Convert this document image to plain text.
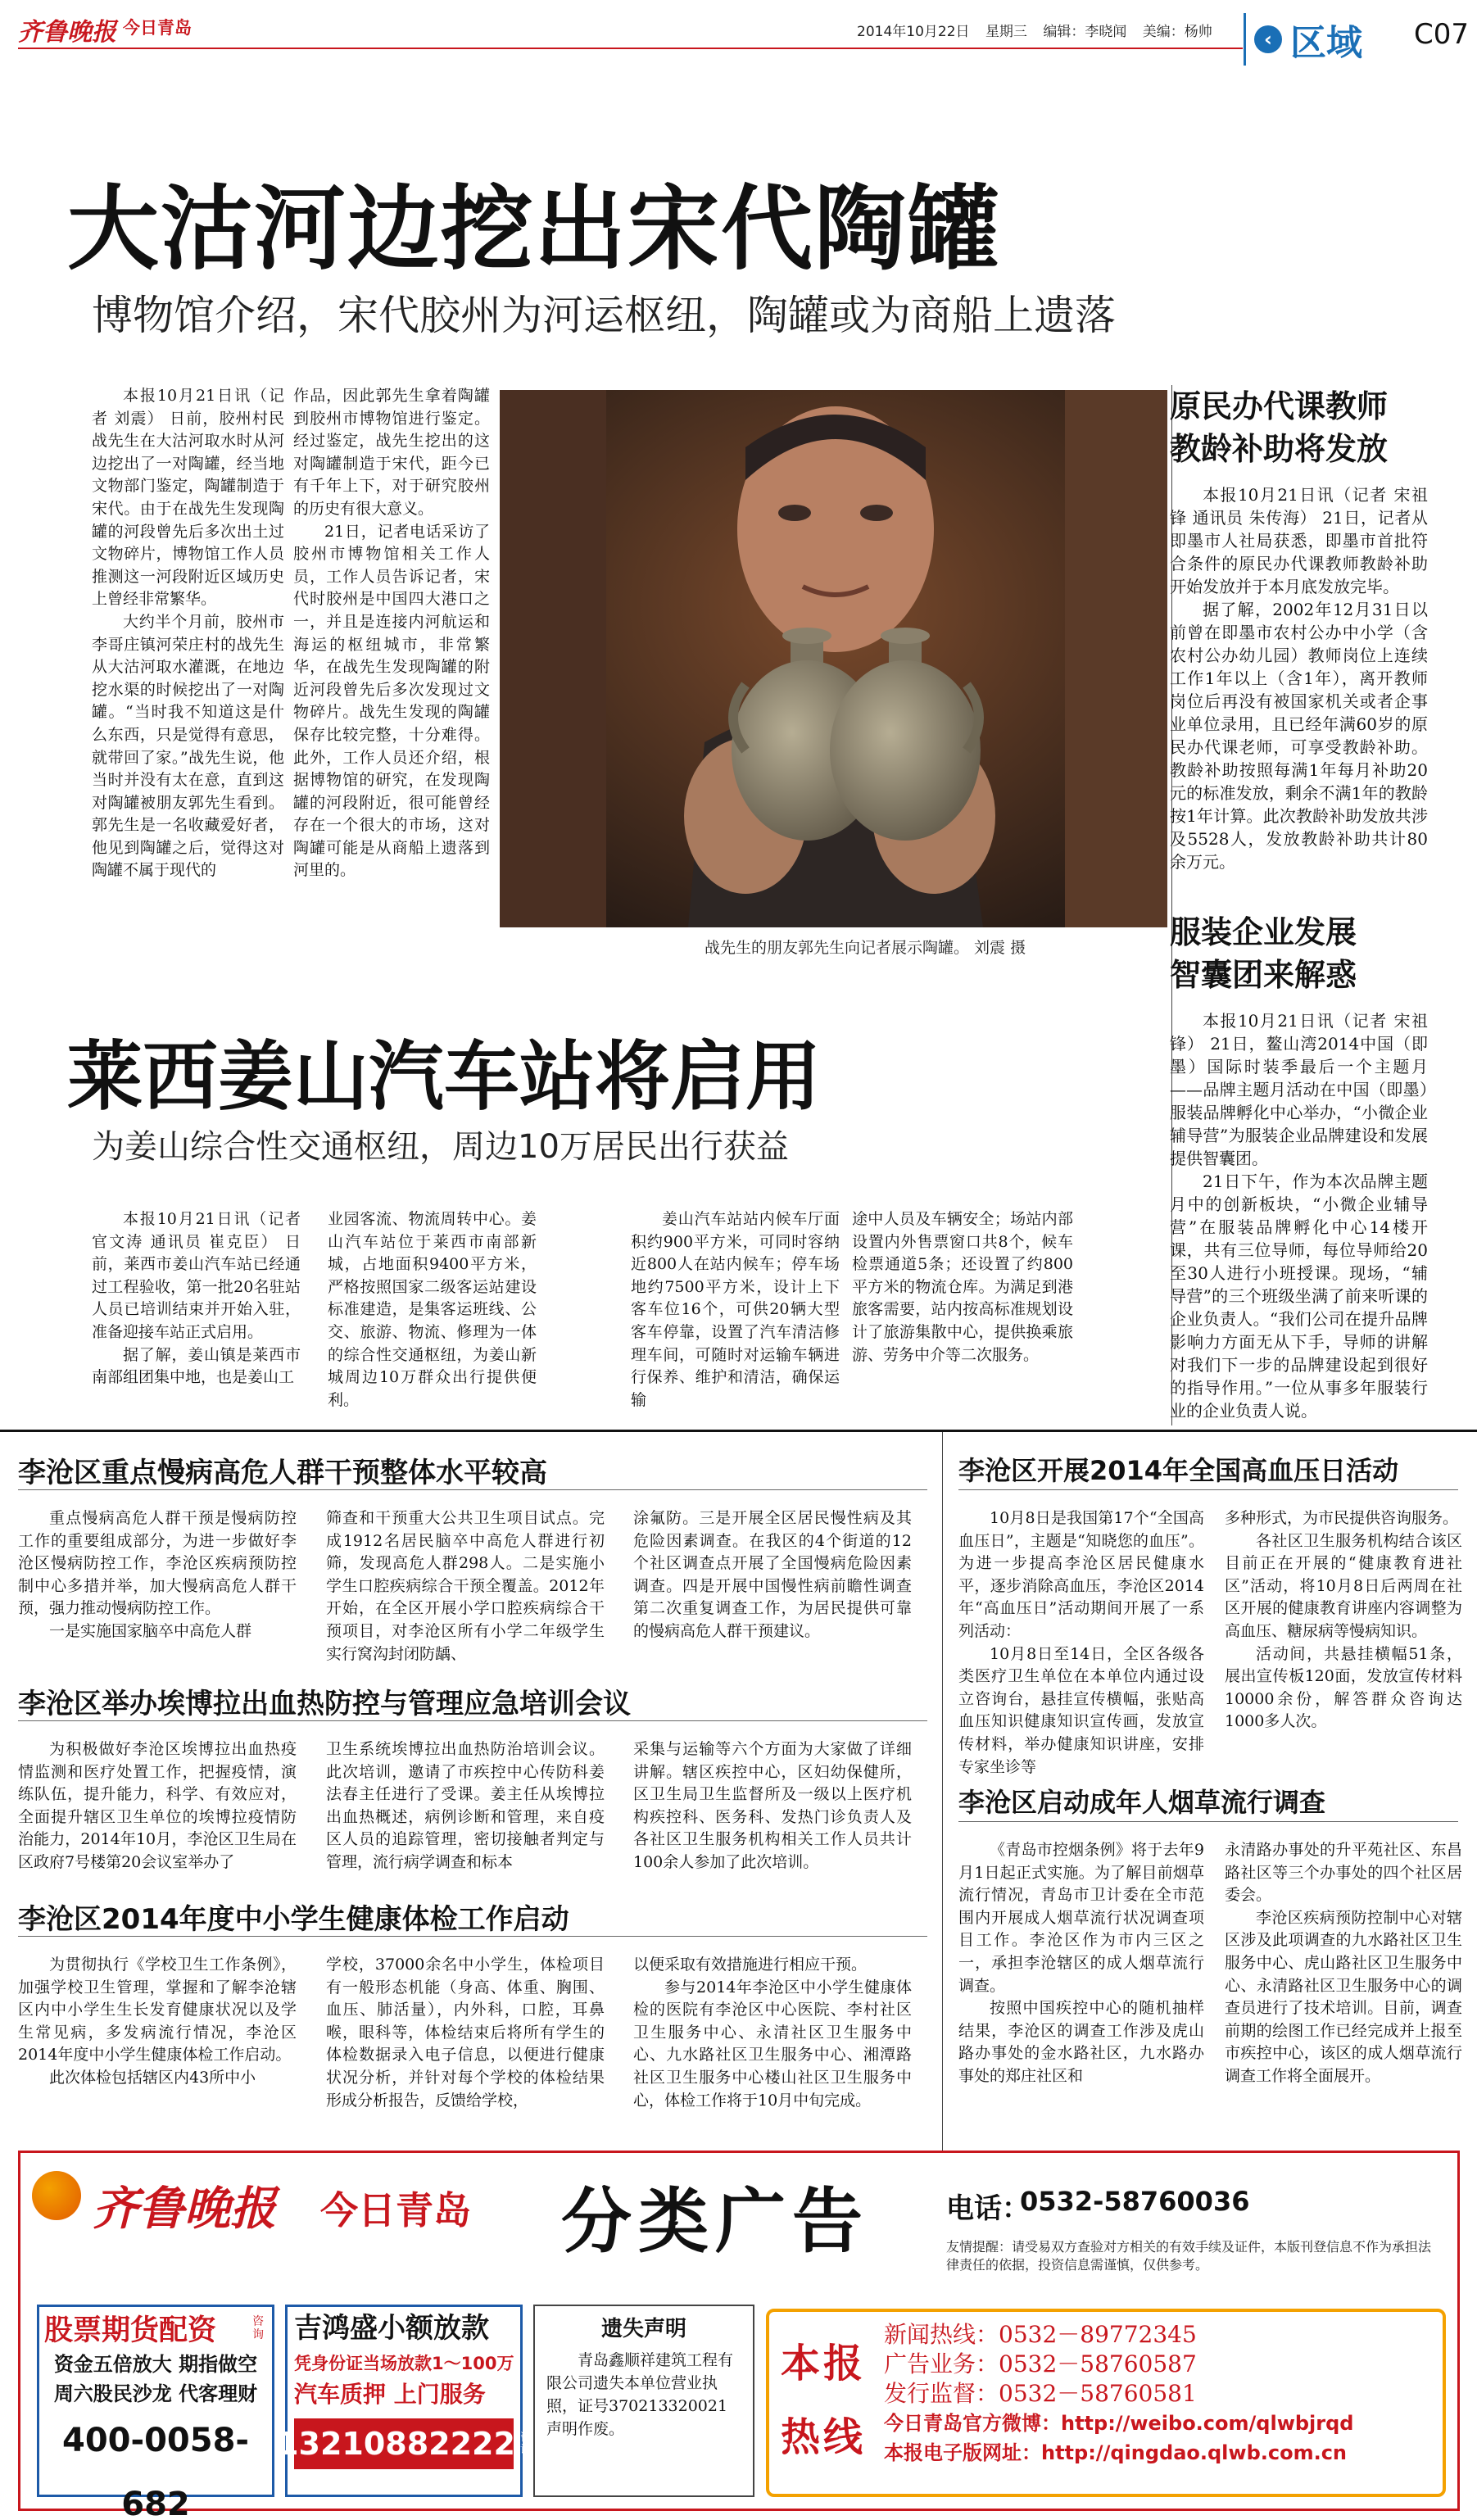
齐鲁晚报 今日青岛	2014年10月22日 星期三 编辑：李晓闻 美编：杨帅	‹ 区域 C07
大沽河边挖出宋代陶罐
博物馆介绍，宋代胶州为河运枢纽，陶罐或为商船上遗落

本报10月21日讯（记者 刘震） 日前，胶州村民战先生在大沽河取水时从河边挖出了一对陶罐，经当地文物部门鉴定，陶罐制造于宋代。由于在战先生发现陶罐的河段曾先后多次出土过文物碎片，博物馆工作人员推测这一河段附近区域历史上曾经非常繁华。

大约半个月前，胶州市李哥庄镇河荣庄村的战先生从大沽河取水灌溉，在地边挖水渠的时候挖出了一对陶罐。“当时我不知道这是什么东西，只是觉得有意思，就带回了家。”战先生说，他当时并没有太在意，直到这对陶罐被朋友郭先生看到。郭先生是一名收藏爱好者，他见到陶罐之后，觉得这对陶罐不属于现代的

作品，因此郭先生拿着陶罐到胶州市博物馆进行鉴定。经过鉴定，战先生挖出的这对陶罐制造于宋代，距今已有千年上下，对于研究胶州的历史有很大意义。

21日，记者电话采访了胶州市博物馆相关工作人员，工作人员告诉记者，宋代时胶州是中国四大港口之一，并且是连接内河航运和海运的枢纽城市，非常繁华，在战先生发现陶罐的附近河段曾先后多次发现过文物碎片。战先生发现的陶罐保存比较完整，十分难得。此外，工作人员还介绍，根据博物馆的研究，在发现陶罐的河段附近，很可能曾经存在一个很大的市场，这对陶罐可能是从商船上遗落到河里的。

战先生的朋友郭先生向记者展示陶罐。 刘震 摄
原民办代课教师
教龄补助将发放

本报10月21日讯（记者 宋祖锋 通讯员 朱传海） 21日，记者从即墨市人社局获悉，即墨市首批符合条件的原民办代课教师教龄补助开始发放并于本月底发放完毕。

据了解，2002年12月31日以前曾在即墨市农村公办中小学（含农村公办幼儿园）教师岗位上连续工作1年以上（含1年），离开教师岗位后再没有被国家机关或者企事业单位录用，且已经年满60岁的原民办代课老师，可享受教龄补助。教龄补助按照每满1年每月补助20元的标准发放，剩余不满1年的教龄按1年计算。此次教龄补助发放共涉及5528人，发放教龄补助共计80余万元。

服装企业发展
智囊团来解惑

本报10月21日讯（记者 宋祖锋） 21日，鳌山湾2014中国（即墨）国际时装季最后一个主题月——品牌主题月活动在中国（即墨）服装品牌孵化中心举办，“小微企业辅导营”为服装企业品牌建设和发展提供智囊团。

21日下午，作为本次品牌主题月中的创新板块，“小微企业辅导营”在服装品牌孵化中心14楼开课，共有三位导师，每位导师给20至30人进行小班授课。现场，“辅导营”的三个班级坐满了前来听课的企业负责人。“我们公司在提升品牌影响力方面无从下手，导师的讲解对我们下一步的品牌建设起到很好的指导作用。”一位从事多年服装行业的企业负责人说。

莱西姜山汽车站将启用
为姜山综合性交通枢纽，周边10万居民出行获益

本报10月21日讯（记者 官文涛 通讯员 崔克臣） 日前，莱西市姜山汽车站已经通过工程验收，第一批20名驻站人员已培训结束并开始入驻，准备迎接车站正式启用。

据了解，姜山镇是莱西市南部组团集中地，也是姜山工

业园客流、物流周转中心。姜山汽车站位于莱西市南部新城，占地面积9400平方米，严格按照国家二级客运站建设标准建造，是集客运班线、公交、旅游、物流、修理为一体的综合性交通枢纽，为姜山新城周边10万群众出行提供便利。

姜山汽车站站内候车厅面积约900平方米，可同时容纳近800人在站内候车；停车场地约7500平方米，设计上下客车位16个，可供20辆大型客车停靠，设置了汽车清洁修理车间，可随时对运输车辆进行保养、维护和清洁，确保运输

途中人员及车辆安全；场站内部设置内外售票窗口共8个，候车检票通道5条；还设置了约800平方米的物流仓库。为满足到港旅客需要，站内按高标准规划设计了旅游集散中心，提供换乘旅游、劳务中介等二次服务。

李沧区重点慢病高危人群干预整体水平较高

重点慢病高危人群干预是慢病防控工作的重要组成部分，为进一步做好李沧区慢病防控工作，李沧区疾病预防控制中心多措并举，加大慢病高危人群干预，强力推动慢病防控工作。

一是实施国家脑卒中高危人群

筛查和干预重大公共卫生项目试点。完成1912名居民脑卒中高危人群进行初筛，发现高危人群298人。二是实施小学生口腔疾病综合干预全覆盖。2012年开始，在全区开展小学口腔疾病综合干预项目，对李沧区所有小学二年级学生实行窝沟封闭防龋、

涂氟防。三是开展全区居民慢性病及其危险因素调查。在我区的4个街道的12个社区调查点开展了全国慢病危险因素调查。四是开展中国慢性病前瞻性调查第二次重复调查工作，为居民提供可靠的慢病高危人群干预建议。

李沧区开展2014年全国高血压日活动

10月8日是我国第17个“全国高血压日”，主题是“知晓您的血压”。为进一步提高李沧区居民健康水平，逐步消除高血压，李沧区2014年“高血压日”活动期间开展了一系列活动：

10月8日至14日，全区各级各类医疗卫生单位在本单位内通过设立咨询台，悬挂宣传横幅，张贴高血压知识健康知识宣传画，发放宣传材料，举办健康知识讲座，安排专家坐诊等

多种形式，为市民提供咨询服务。

各社区卫生服务机构结合该区目前正在开展的“健康教育进社区”活动，将10月8日后两周在社区开展的健康教育讲座内容调整为高血压、糖尿病等慢病知识。

活动间，共悬挂横幅51条，展出宣传板120面，发放宣传材料10000余份，解答群众咨询达1000多人次。

李沧区举办埃博拉出血热防控与管理应急培训会议

为积极做好李沧区埃博拉出血热疫情监测和医疗处置工作，把握疫情，演练队伍，提升能力，科学、有效应对，全面提升辖区卫生单位的埃博拉疫情防治能力，2014年10月，李沧区卫生局在区政府7号楼第20会议室举办了

卫生系统埃博拉出血热防治培训会议。此次培训，邀请了市疾控中心传防科姜法春主任进行了受课。姜主任从埃博拉出血热概述，病例诊断和管理，来自疫区人员的追踪管理，密切接触者判定与管理，流行病学调查和标本

采集与运输等六个方面为大家做了详细讲解。辖区疾控中心，区妇幼保健所，区卫生局卫生监督所及一级以上医疗机构疾控科、医务科、发热门诊负责人及各社区卫生服务机构相关工作人员共计100余人参加了此次培训。

李沧区启动成年人烟草流行调查

《青岛市控烟条例》将于去年9月1日起正式实施。为了解目前烟草流行情况，青岛市卫计委在全市范围内开展成人烟草流行状况调查项目工作。李沧区作为市内三区之一，承担李沧辖区的成人烟草流行调查。

按照中国疾控中心的随机抽样结果，李沧区的调查工作涉及虎山路办事处的金水路社区，九水路办事处的郑庄社区和

永清路办事处的升平苑社区、东昌路社区等三个办事处的四个社区居委会。

李沧区疾病预防控制中心对辖区涉及此项调查的九水路社区卫生服务中心、虎山路社区卫生服务中心、永清路社区卫生服务中心的调查员进行了技术培训。目前，调查前期的绘图工作已经完成并上报至市疾控中心，该区的成人烟草流行调查工作将全面展开。

李沧区2014年度中小学生健康体检工作启动

为贯彻执行《学校卫生工作条例》，加强学校卫生管理，掌握和了解李沧辖区内中小学生生长发育健康状况以及学生常见病，多发病流行情况，李沧区2014年度中小学生健康体检工作启动。

此次体检包括辖区内43所中小

学校，37000余名中小学生，体检项目有一般形态机能（身高、体重、胸围、血压、肺活量），内外科，口腔，耳鼻喉，眼科等，体检结束后将所有学生的体检数据录入电子信息，以便进行健康状况分析，并针对每个学校的体检结果形成分析报告，反馈给学校，

以便采取有效措施进行相应干预。

参与2014年李沧区中小学生健康体检的医院有李沧区中心医院、李村社区卫生服务中心、永清社区卫生服务中心、九水路社区卫生服务中心、湘潭路社区卫生服务中心楼山社区卫生服务中心，体检工作将于10月中旬完成。

齐鲁晚报 今日青岛 分类广告	电话：
0532-58760036
友情提醒：请受易双方查验对方相关的有效手续及证件，本版刊登信息不作为承担法律责任的依据，投资信息需谨慎，仅供参考。
股票期货配资	咨询
资金五倍放大 期指做空
周六股民沙龙 代客理财
400-0058-682
吉鸿盛小额放款
凭身份证当场放款1～100万
汽车质押 上门服务
13210882222 咨询
遗失声明
青岛鑫顺祥建筑工程有限公司遗失本单位营业执照，证号370213320021声明作废。
本报
热线
新闻热线：0532－89772345
广告业务：0532－58760587
发行监督：0532－58760581
今日青岛官方微博：http://weibo.com/qlwbjrqd
本报电子版网址：http://qingdao.qlwb.com.cn
